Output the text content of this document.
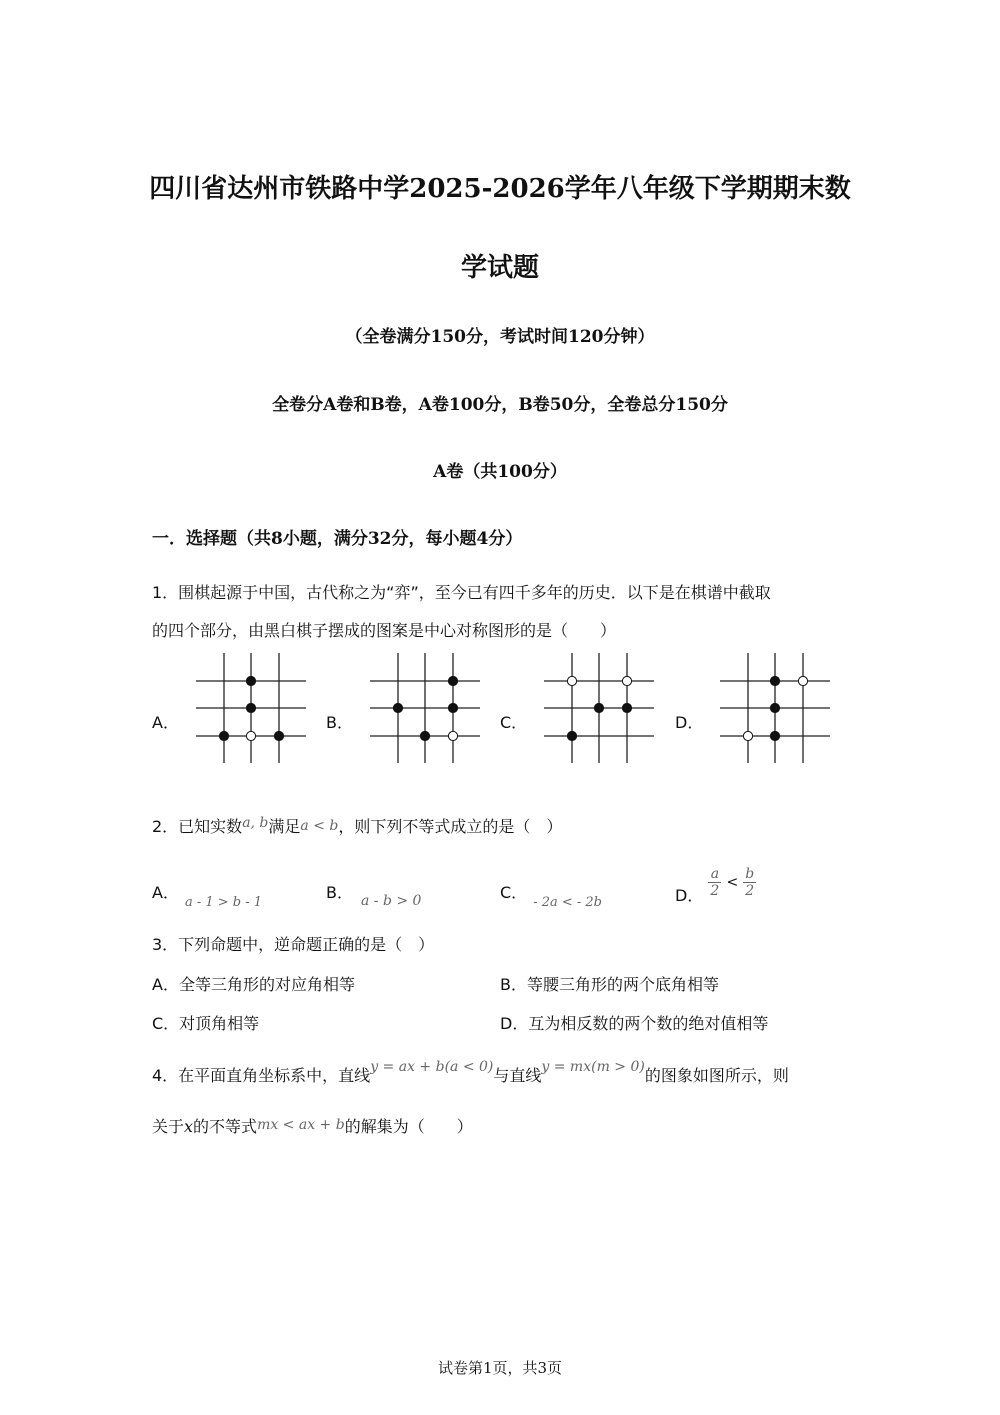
四川省达州市铁路中学2025-2026学年八年级下学期期末数
学试题
（全卷满分150分，考试时间120分钟）
全卷分A卷和B卷，A卷100分，B卷50分，全卷总分150分
A卷（共100分）
一．选择题（共8小题，满分32分，每小题4分）
1．围棋起源于中国，古代称之为“弈”，至今已有四千多年的历史．以下是在棋谱中截取
的四个部分，由黑白棋子摆成的图案是中心对称图形的是（　　）
A．	B．	C．	D．
2．已知实数a, b满足a < b，则下列不等式成立的是（　）
A．$_{a - 1 > b - 1}$
B． a - b > 0	C．$_{- 2a < - 2b}$	D． $\frac{a}{2} < \frac{b}{2}$
3．下列命题中，逆命题正确的是（　）
A．全等三角形的对应角相等	B．等腰三角形的两个底角相等
C．对顶角相等	D．互为相反数的两个数的绝对值相等
4．在平面直角坐标系中，直线y = ax + b(a < 0)与直线y = mx(m > 0)的图象如图所示，则
关于x的不等式mx < ax + b的解集为（　　）
试卷第1页，共3页
